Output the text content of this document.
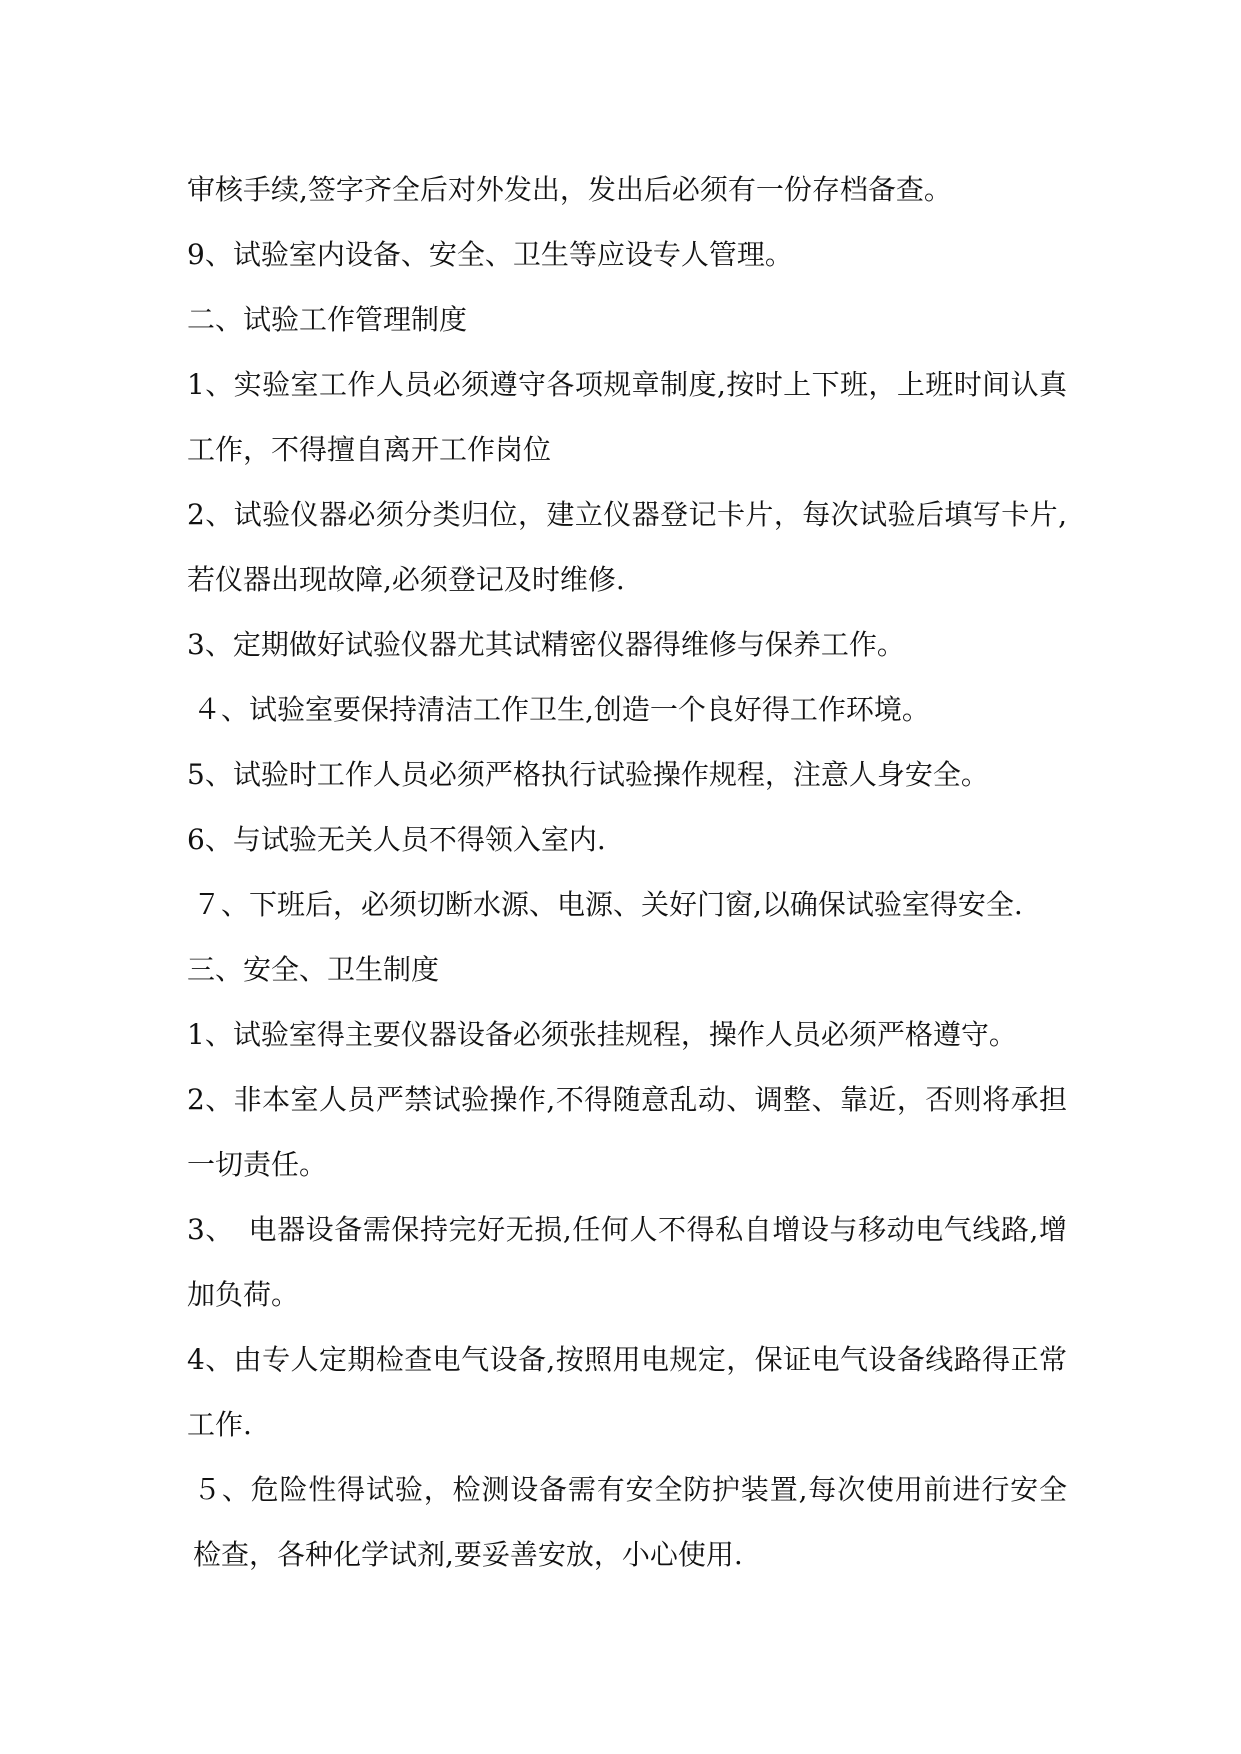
审核手续,签字齐全后对外发出，发出后必须有一份存档备查。

9、试验室内设备、安全、卫生等应设专人管理。

二、试验工作管理制度

1、实验室工作人员必须遵守各项规章制度,按时上下班，上班时间认真工作，不得擅自离开工作岗位

2、试验仪器必须分类归位，建立仪器登记卡片，每次试验后填写卡片,若仪器出现故障,必须登记及时维修.

3、定期做好试验仪器尤其试精密仪器得维修与保养工作。

４、试验室要保持清洁工作卫生,创造一个良好得工作环境。

5、试验时工作人员必须严格执行试验操作规程，注意人身安全。

6、与试验无关人员不得领入室内.

７、下班后，必须切断水源、电源、关好门窗,以确保试验室得安全.

三、安全、卫生制度

1、试验室得主要仪器设备必须张挂规程，操作人员必须严格遵守。

2、非本室人员严禁试验操作,不得随意乱动、调整、靠近，否则将承担一切责任。

3、　电器设备需保持完好无损,任何人不得私自增设与移动电气线路,增加负荷。

4、由专人定期检查电气设备,按照用电规定，保证电气设备线路得正常工作.

５、危险性得试验，检测设备需有安全防护装置,每次使用前进行安全检查，各种化学试剂,要妥善安放，小心使用.
